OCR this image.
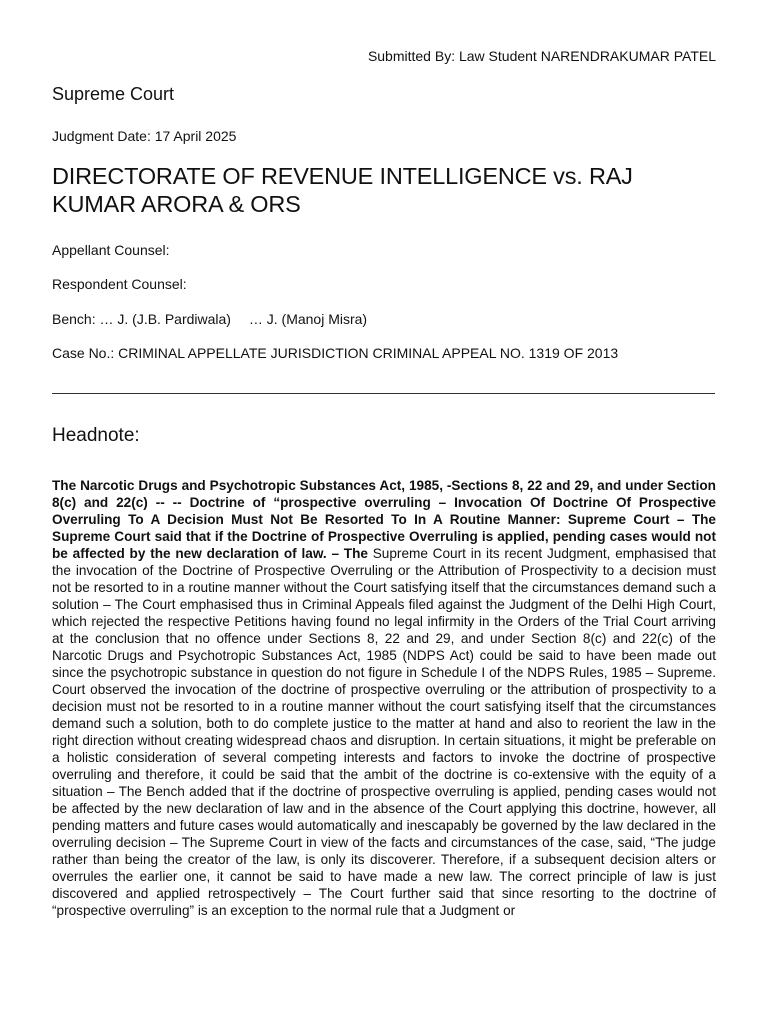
Submitted By: Law Student NARENDRAKUMAR PATEL
Supreme Court
Judgment Date: 17 April 2025
DIRECTORATE OF REVENUE INTELLIGENCE vs. RAJ KUMAR ARORA & ORS
Appellant Counsel:
Respondent Counsel:
Bench: … J. (J.B. Pardiwala) … J. (Manoj Misra)
Case No.: CRIMINAL APPELLATE JURISDICTION CRIMINAL APPEAL NO. 1319 OF 2013
Headnote:

The Narcotic Drugs and Psychotropic Substances Act, 1985, -Sections 8, 22 and 29, and under Section 8(c) and 22(c) -- -- Doctrine of “prospective overruling – Invocation Of Doctrine Of Prospective Overruling To A Decision Must Not Be Resorted To In A Routine Manner: Supreme Court – The Supreme Court said that if the Doctrine of Prospective Overruling is applied, pending cases would not be affected by the new declaration of law. – The Supreme Court in its recent Judgment, emphasised that the invocation of the Doctrine of Prospective Overruling or the Attribution of Prospectivity to a decision must not be resorted to in a routine manner without the Court satisfying itself that the circumstances demand such a solution – The Court emphasised thus in Criminal Appeals filed against the Judgment of the Delhi High Court, which rejected the respective Petitions having found no legal infirmity in the Orders of the Trial Court arriving at the conclusion that no offence under Sections 8, 22 and 29, and under Section 8(c) and 22(c) of the Narcotic Drugs and Psychotropic Substances Act, 1985 (NDPS Act) could be said to have been made out since the psychotropic substance in question do not figure in Schedule I of the NDPS Rules, 1985 – Supreme. Court observed the invocation of the doctrine of prospective overruling or the attribution of prospectivity to a decision must not be resorted to in a routine manner without the court satisfying itself that the circumstances demand such a solution, both to do complete justice to the matter at hand and also to reorient the law in the right direction without creating widespread chaos and disruption. In certain situations, it might be preferable on a holistic consideration of several competing interests and factors to invoke the doctrine of prospective overruling and therefore, it could be said that the ambit of the doctrine is co-extensive with the equity of a situation – The Bench added that if the doctrine of prospective overruling is applied, pending cases would not be affected by the new declaration of law and in the absence of the Court applying this doctrine, however, all pending matters and future cases would automatically and inescapably be governed by the law declared in the overruling decision – The Supreme Court in view of the facts and circumstances of the case, said, “The judge rather than being the creator of the law, is only its discoverer. Therefore, if a subsequent decision alters or overrules the earlier one, it cannot be said to have made a new law. The correct principle of law is just discovered and applied retrospectively – The Court further said that since resorting to the doctrine of “prospective overruling” is an exception to the normal rule that a Judgment or
